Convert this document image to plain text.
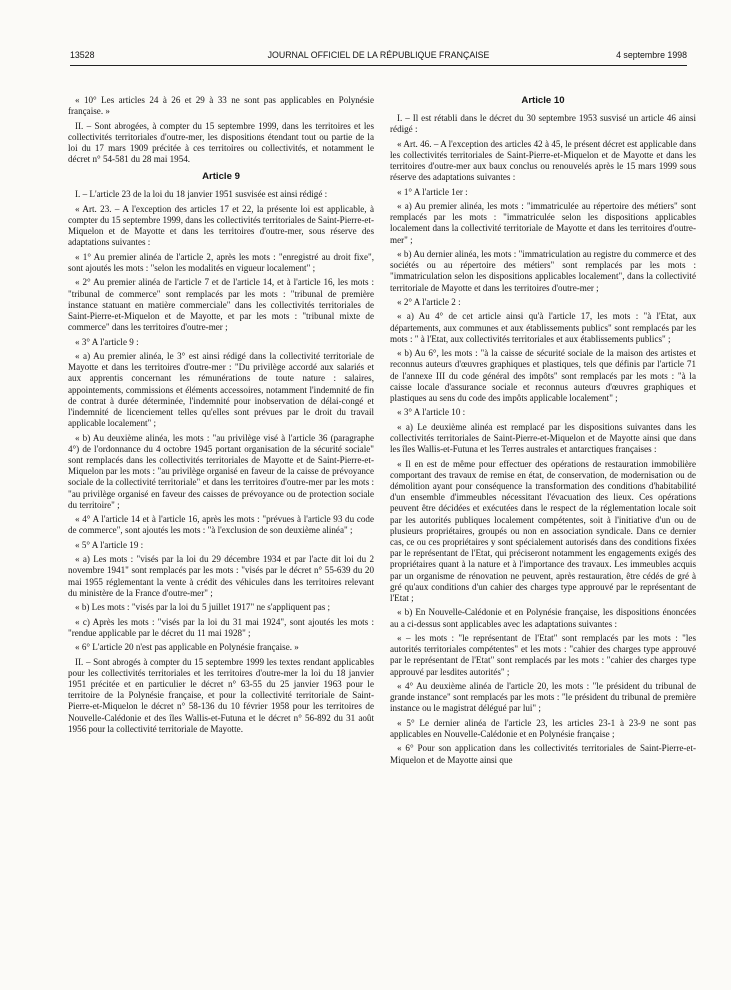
13528	JOURNAL OFFICIEL DE LA RÉPUBLIQUE FRANÇAISE	4 septembre 1998

« 10° Les articles 24 à 26 et 29 à 33 ne sont pas applicables en Polynésie française. »

II. – Sont abrogées, à compter du 15 septembre 1999, dans les territoires et les collectivités territoriales d'outre-mer, les dispositions étendant tout ou partie de la loi du 17 mars 1909 précitée à ces territoires ou collectivités, et notamment le décret n° 54-581 du 28 mai 1954.

Article 9

I. – L'article 23 de la loi du 18 janvier 1951 susvisée est ainsi rédigé :

« Art. 23. – A l'exception des articles 17 et 22, la présente loi est applicable, à compter du 15 septembre 1999, dans les collectivités territoriales de Saint-Pierre-et-Miquelon et de Mayotte et dans les territoires d'outre-mer, sous réserve des adaptations suivantes :

« 1° Au premier alinéa de l'article 2, après les mots : "enregistré au droit fixe", sont ajoutés les mots : "selon les modalités en vigueur localement" ;

« 2° Au premier alinéa de l'article 7 et de l'article 14, et à l'article 16, les mots : "tribunal de commerce" sont remplacés par les mots : "tribunal de première instance statuant en matière commerciale" dans les collectivités territoriales de Saint-Pierre-et-Miquelon et de Mayotte, et par les mots : "tribunal mixte de commerce" dans les territoires d'outre-mer ;

« 3° A l'article 9 :

« a) Au premier alinéa, le 3° est ainsi rédigé dans la collectivité territoriale de Mayotte et dans les territoires d'outre-mer : "Du privilège accordé aux salariés et aux apprentis concernant les rémunérations de toute nature : salaires, appointements, commissions et éléments accessoires, notamment l'indemnité de fin de contrat à durée déterminée, l'indemnité pour inobservation de délai-congé et l'indemnité de licenciement telles qu'elles sont prévues par le droit du travail applicable localement" ;

« b) Au deuxième alinéa, les mots : "au privilège visé à l'article 36 (paragraphe 4°) de l'ordonnance du 4 octobre 1945 portant organisation de la sécurité sociale" sont remplacés dans les collectivités territoriales de Mayotte et de Saint-Pierre-et-Miquelon par les mots : "au privilège organisé en faveur de la caisse de prévoyance sociale de la collectivité territoriale" et dans les territoires d'outre-mer par les mots : "au privilège organisé en faveur des caisses de prévoyance ou de protection sociale du territoire" ;

« 4° A l'article 14 et à l'article 16, après les mots : "prévues à l'article 93 du code de commerce", sont ajoutés les mots : "à l'exclusion de son deuxième alinéa" ;

« 5° A l'article 19 :

« a) Les mots : "visés par la loi du 29 décembre 1934 et par l'acte dit loi du 2 novembre 1941" sont remplacés par les mots : "visés par le décret n° 55-639 du 20 mai 1955 réglementant la vente à crédit des véhicules dans les territoires relevant du ministère de la France d'outre-mer" ;

« b) Les mots : "visés par la loi du 5 juillet 1917" ne s'appliquent pas ;

« c) Après les mots : "visés par la loi du 31 mai 1924", sont ajoutés les mots : "rendue applicable par le décret du 11 mai 1928" ;

« 6° L'article 20 n'est pas applicable en Polynésie française. »

II. – Sont abrogés à compter du 15 septembre 1999 les textes rendant applicables pour les collectivités territoriales et les territoires d'outre-mer la loi du 18 janvier 1951 précitée et en particulier le décret n° 63-55 du 25 janvier 1963 pour le territoire de la Polynésie française, et pour la collectivité territoriale de Saint-Pierre-et-Miquelon le décret n° 58-136 du 10 février 1958 pour les territoires de Nouvelle-Calédonie et des îles Wallis-et-Futuna et le décret n° 56-892 du 31 août 1956 pour la collectivité territoriale de Mayotte.

Article 10

I. – Il est rétabli dans le décret du 30 septembre 1953 susvisé un article 46 ainsi rédigé :

« Art. 46. – A l'exception des articles 42 à 45, le présent décret est applicable dans les collectivités territoriales de Saint-Pierre-et-Miquelon et de Mayotte et dans les territoires d'outre-mer aux baux conclus ou renouvelés après le 15 mars 1999 sous réserve des adaptations suivantes :

« 1° A l'article 1er :

« a) Au premier alinéa, les mots : "immatriculée au répertoire des métiers" sont remplacés par les mots : "immatriculée selon les dispositions applicables localement dans la collectivité territoriale de Mayotte et dans les territoires d'outre-mer" ;

« b) Au dernier alinéa, les mots : "immatriculation au registre du commerce et des sociétés ou au répertoire des métiers" sont remplacés par les mots : "immatriculation selon les dispositions applicables localement", dans la collectivité territoriale de Mayotte et dans les territoires d'outre-mer ;

« 2° A l'article 2 :

« a) Au 4° de cet article ainsi qu'à l'article 17, les mots : "à l'Etat, aux départements, aux communes et aux établissements publics" sont remplacés par les mots : " à l'Etat, aux collectivités territoriales et aux établissements publics" ;

« b) Au 6°, les mots : "à la caisse de sécurité sociale de la maison des artistes et reconnus auteurs d'œuvres graphiques et plastiques, tels que définis par l'article 71 de l'annexe III du code général des impôts" sont remplacés par les mots : "à la caisse locale d'assurance sociale et reconnus auteurs d'œuvres graphiques et plastiques au sens du code des impôts applicable localement" ;

« 3° A l'article 10 :

« a) Le deuxième alinéa est remplacé par les dispositions suivantes dans les collectivités territoriales de Saint-Pierre-et-Miquelon et de Mayotte ainsi que dans les îles Wallis-et-Futuna et les Terres australes et antarctiques françaises :

« Il en est de même pour effectuer des opérations de restauration immobilière comportant des travaux de remise en état, de conservation, de modernisation ou de démolition ayant pour conséquence la transformation des conditions d'habitabilité d'un ensemble d'immeubles nécessitant l'évacuation des lieux. Ces opérations peuvent être décidées et exécutées dans le respect de la réglementation locale soit par les autorités publiques localement compétentes, soit à l'initiative d'un ou de plusieurs propriétaires, groupés ou non en association syndicale. Dans ce dernier cas, ce ou ces propriétaires y sont spécialement autorisés dans des conditions fixées par le représentant de l'Etat, qui préciseront notamment les engagements exigés des propriétaires quant à la nature et à l'importance des travaux. Les immeubles acquis par un organisme de rénovation ne peuvent, après restauration, être cédés de gré à gré qu'aux conditions d'un cahier des charges type approuvé par le représentant de l'Etat ;

« b) En Nouvelle-Calédonie et en Polynésie française, les dispositions énoncées au a ci-dessus sont applicables avec les adaptations suivantes :

« – les mots : "le représentant de l'Etat" sont remplacés par les mots : "les autorités territoriales compétentes" et les mots : "cahier des charges type approuvé par le représentant de l'Etat" sont remplacés par les mots : "cahier des charges type approuvé par lesdites autorités" ;

« 4° Au deuxième alinéa de l'article 20, les mots : "le président du tribunal de grande instance" sont remplacés par les mots : "le président du tribunal de première instance ou le magistrat délégué par lui" ;

« 5° Le dernier alinéa de l'article 23, les articles 23-1 à 23-9 ne sont pas applicables en Nouvelle-Calédonie et en Polynésie française ;

« 6° Pour son application dans les collectivités territoriales de Saint-Pierre-et-Miquelon et de Mayotte ainsi que
